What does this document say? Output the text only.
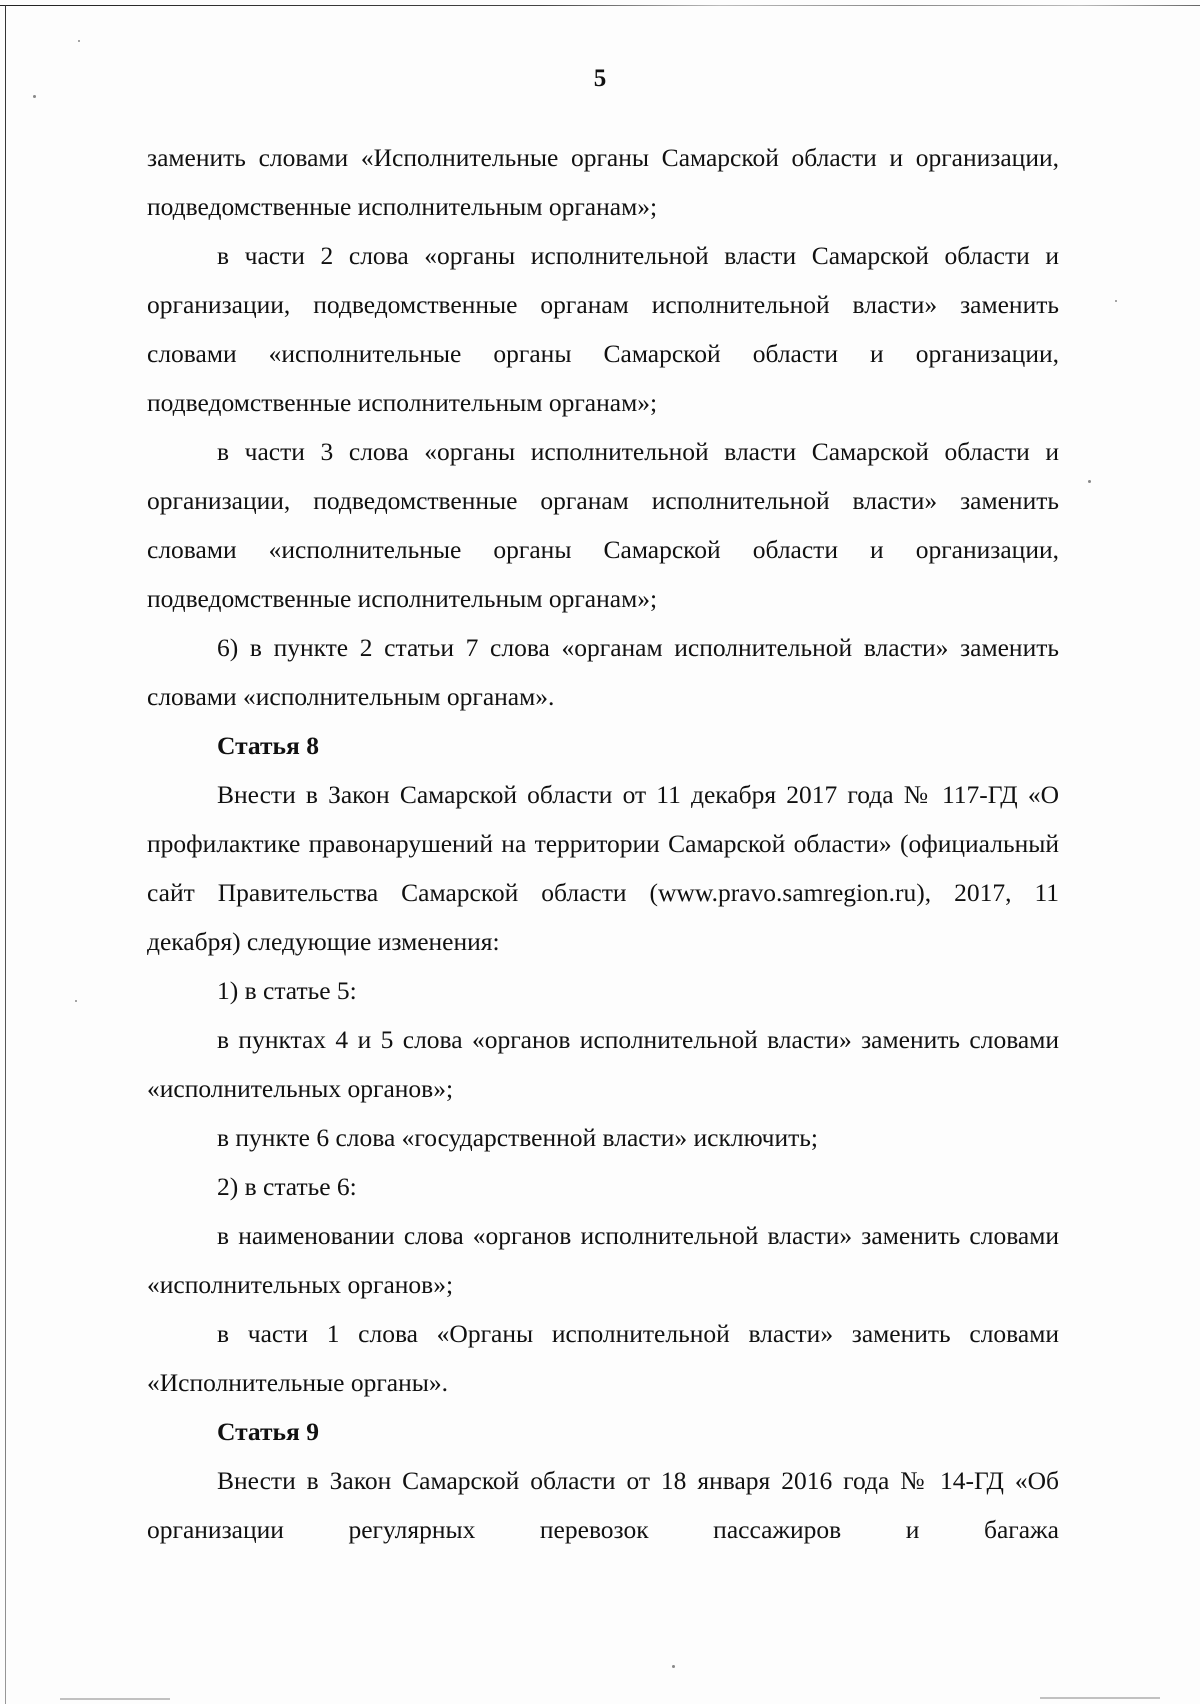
5

заменить словами «Исполнительные органы Самарской области и организации, подведомственные исполнительным органам»;

в части 2 слова «органы исполнительной власти Самарской области и организации, подведомственные органам исполнительной власти» заменить словами «исполнительные органы Самарской области и организации, подведомственные исполнительным органам»;

в части 3 слова «органы исполнительной власти Самарской области и организации, подведомственные органам исполнительной власти» заменить словами «исполнительные органы Самарской области и организации, подведомственные исполнительным органам»;

6) в пункте 2 статьи 7 слова «органам исполнительной власти» заменить словами «исполнительным органам».

Статья 8

Внести в Закон Самарской области от 11 декабря 2017 года № 117-ГД «О профилактике правонарушений на территории Самарской области» (официальный сайт Правительства Самарской области (www.pravo.samregion.ru), 2017, 11 декабря) следующие изменения:

1) в статье 5:

в пунктах 4 и 5 слова «органов исполнительной власти» заменить словами «исполнительных органов»;

в пункте 6 слова «государственной власти» исключить;

2) в статье 6:

в наименовании слова «органов исполнительной власти» заменить словами «исполнительных органов»;

в части 1 слова «Органы исполнительной власти» заменить словами «Исполнительные органы».

Статья 9

Внести в Закон Самарской области от 18 января 2016 года № 14-ГД «Об организации регулярных перевозок пассажиров и багажа
